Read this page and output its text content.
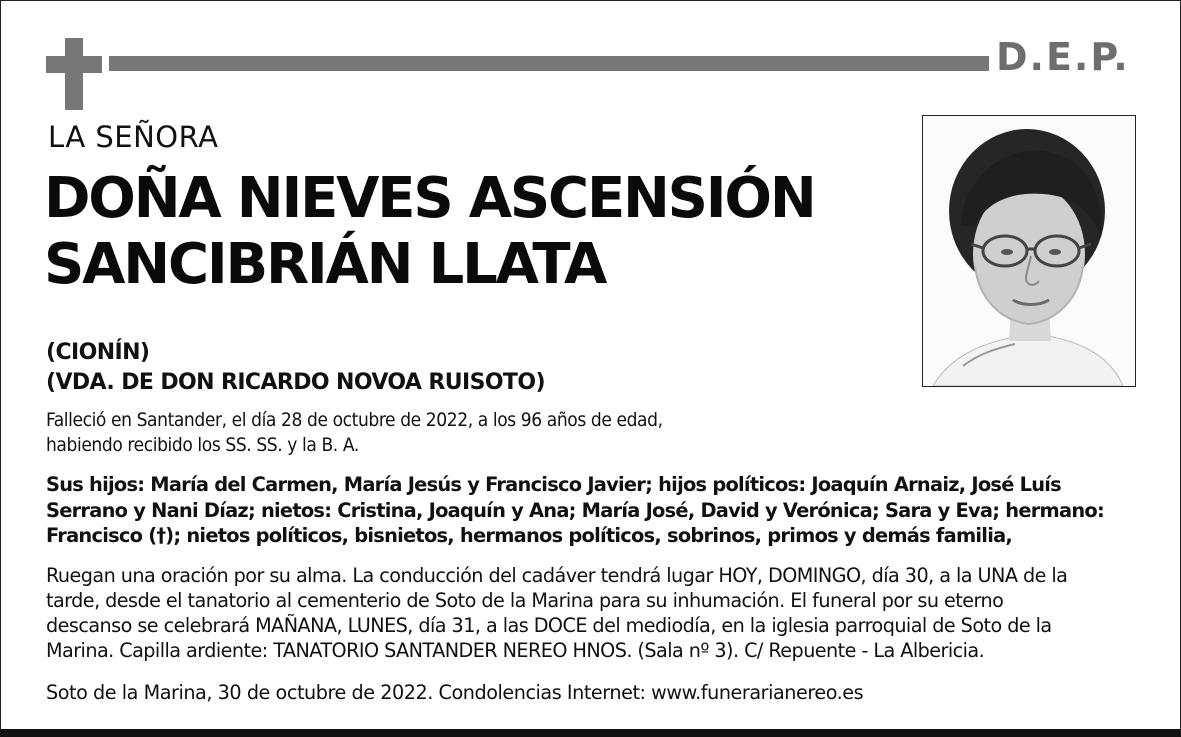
D.E.P.
LA SEÑORA
DOÑA NIEVES ASCENSIÓN
SANCIBRIÁN LLATA
(CIONÍN)
(VDA. DE DON RICARDO NOVOA RUISOTO)
Falleció en Santander, el día 28 de octubre de 2022, a los 96 años de edad,
habiendo recibido los SS. SS. y la B. A.
Sus hijos: María del Carmen, María Jesús y Francisco Javier; hijos políticos: Joaquín Arnaiz, José Luís
Serrano y Nani Díaz; nietos: Cristina, Joaquín y Ana; María José, David y Verónica; Sara y Eva; hermano:
Francisco (†); nietos políticos, bisnietos, hermanos políticos, sobrinos, primos y demás familia,
Ruegan una oración por su alma. La conducción del cadáver tendrá lugar HOY, DOMINGO, día 30, a la UNA de la
tarde, desde el tanatorio al cementerio de Soto de la Marina para su inhumación. El funeral por su eterno
descanso se celebrará MAÑANA, LUNES, día 31, a las DOCE del mediodía, en la iglesia parroquial de Soto de la
Marina. Capilla ardiente: TANATORIO SANTANDER NEREO HNOS. (Sala nº 3). C/ Repuente - La Albericia.
Soto de la Marina, 30 de octubre de 2022. Condolencias Internet: www.funerarianereo.es
